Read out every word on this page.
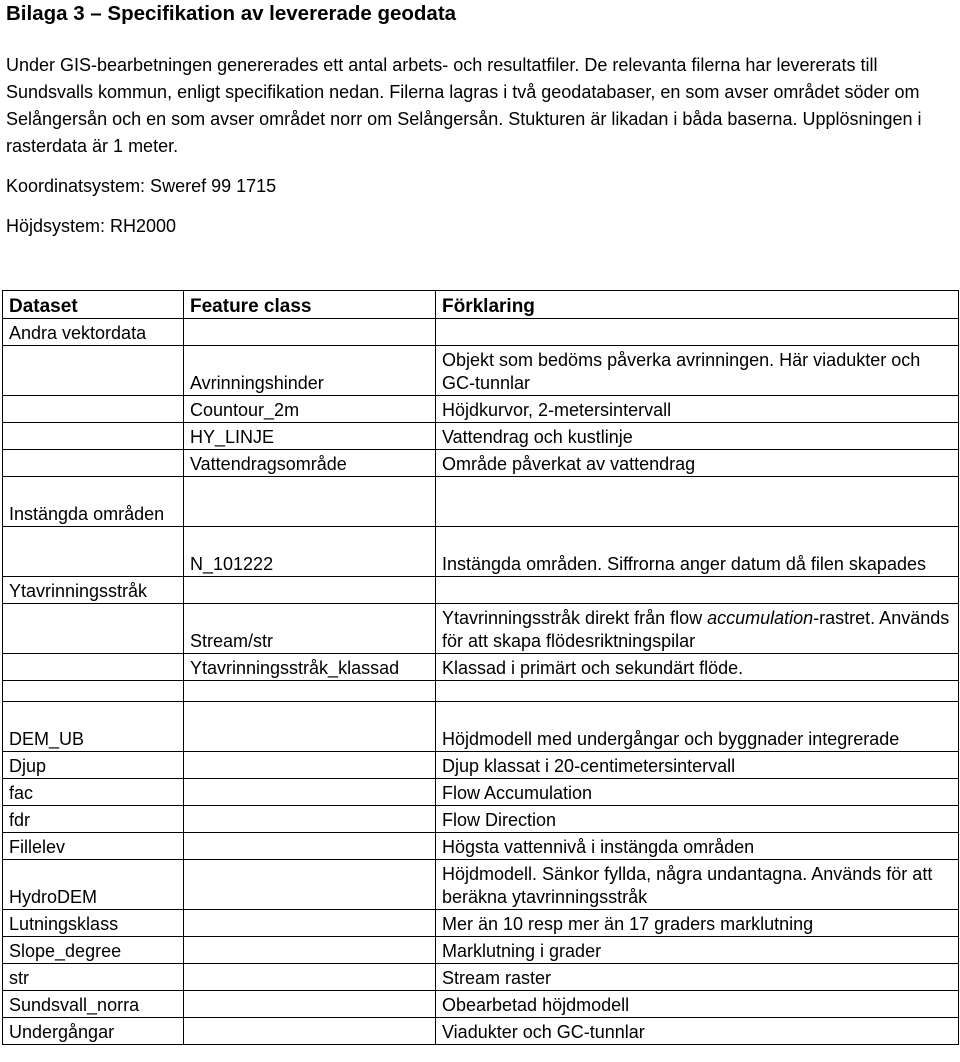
Bilaga 3 – Specifikation av levererade geodata

Under GIS-bearbetningen genererades ett antal arbets- och resultatfiler. De relevanta filerna har levererats till Sundsvalls kommun, enligt specifikation nedan. Filerna lagras i två geodatabaser, en som avser området söder om Selångersån och en som avser området norr om Selångersån. Stukturen är likadan i båda baserna. Upplösningen i rasterdata är 1 meter.

Koordinatsystem: Sweref 99 1715

Höjdsystem: RH2000

Dataset	Feature class	Förklaring
Andra vektordata		
	Avrinningshinder	Objekt som bedöms påverka avrinningen. Här viadukter och GC-tunnlar
	Countour_2m	Höjdkurvor, 2-metersintervall
	HY_LINJE	Vattendrag och kustlinje
	Vattendragsområde	Område påverkat av vattendrag
Instängda områden		
	N_101222	Instängda områden. Siffrorna anger datum då filen skapades
Ytavrinningsstråk		
	Stream/str	Ytavrinningsstråk direkt från flow accumulation-rastret. Används för att skapa flödesriktningspilar
	Ytavrinningsstråk_klassad	Klassad i primärt och sekundärt flöde.

DEM_UB		Höjdmodell med undergångar och byggnader integrerade
Djup		Djup klassat i 20-centimetersintervall
fac		Flow Accumulation
fdr		Flow Direction
Fillelev		Högsta vattennivå i instängda områden
HydroDEM		Höjdmodell. Sänkor fyllda, några undantagna. Används för att beräkna ytavrinningsstråk
Lutningsklass		Mer än 10 resp mer än 17 graders marklutning
Slope_degree		Marklutning i grader
str		Stream raster
Sundsvall_norra		Obearbetad höjdmodell
Undergångar		Viadukter och GC-tunnlar
